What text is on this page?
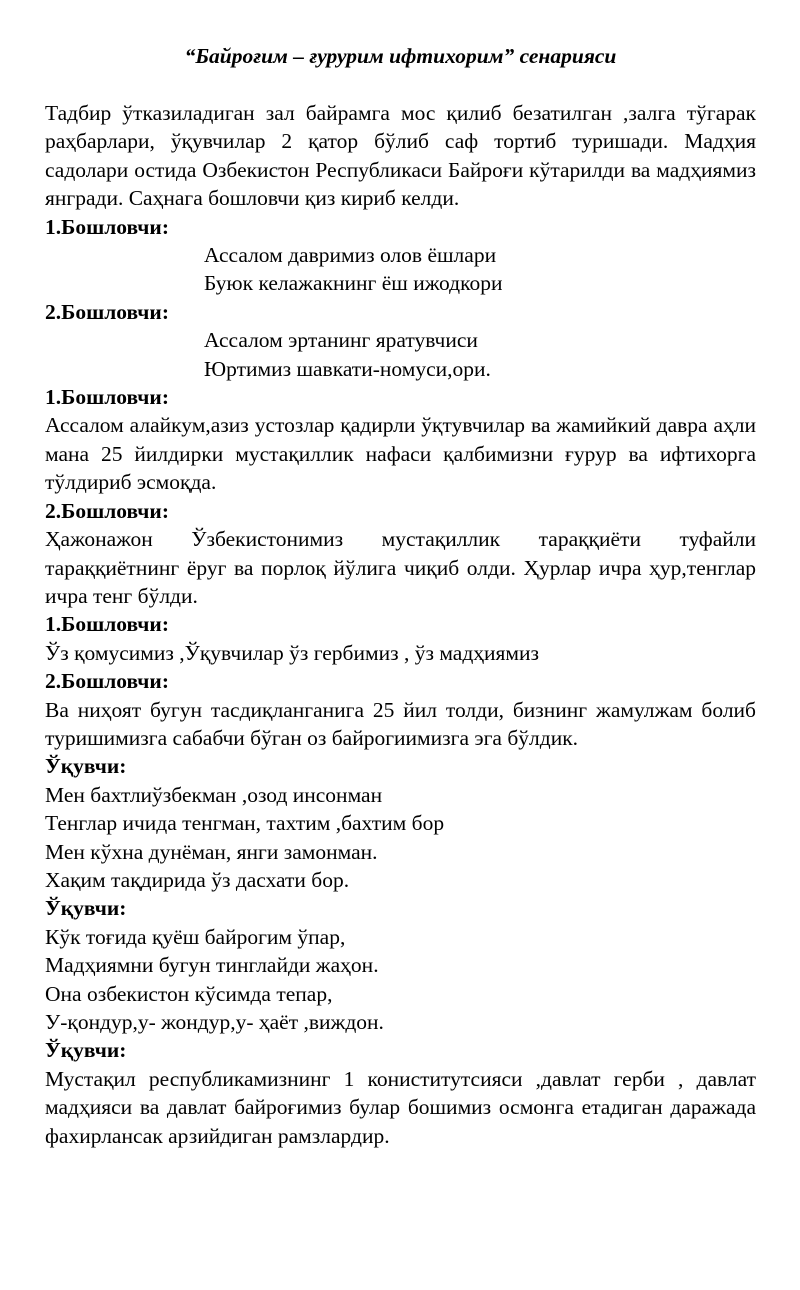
“Байроғим – ғурурим ифтихорим” сенарияси

Тадбир ўтказиладиган зал байрамга мос қилиб безатилган ,залга тўгарак раҳбарлари, ўқувчилар 2 қатор бўлиб саф тортиб туришади. Мадҳия садолари остида Озбекистон Республикаси Байроғи кўтарилди ва мадҳиямиз янгради. Саҳнага бошловчи қиз кириб келди.

1.Бошловчи:

Ассалом давримиз олов ёшлари

Буюк келажакнинг ёш ижодкори

2.Бошловчи:

Ассалом эртанинг яратувчиси

Юртимиз шавкати-номуси,ори.

1.Бошловчи:

Ассалом алайкум,азиз устозлар қадирли ўқтувчилар ва жамийкий давра аҳли мана 25 йилдирки мустақиллик нафаси қалбимизни ғурур ва ифтихорга тўлдириб эсмоқда.

2.Бошловчи:

Ҳажонажон Ўзбекистонимиз мустақиллик тараққиёти туфайли тараққиётнинг ёруг ва порлоқ йўлига чиқиб олди. Ҳурлар ичра ҳур,тенглар ичра тенг бўлди.

1.Бошловчи:

Ўз қомусимиз ,Ўқувчилар ўз гербимиз , ўз мадҳиямиз

2.Бошловчи:

Ва ниҳоят бугун тасдиқланганига 25 йил толди, бизнинг жамулжам болиб туришимизга сабабчи бўган оз байрогиимизга эга бўлдик.

Ўқувчи:

Мен бахтлиўзбекман ,озод инсонман

Тенглар ичида тенгман, тахтим ,бахтим бор

Мен кўхна дунёман, янги замонман.

Хақим тақдирида ўз дасхати бор.

Ўқувчи:

Кўк тоғида қуёш байрогим ўпар,

Мадҳиямни бугун тинглайди жаҳон.

Она озбекистон кўсимда тепар,

У-қондур,у- жондур,у- ҳаёт ,виждон.

Ўқувчи:

Мустақил республикамизнинг 1 кониститутсияси ,давлат герби , давлат мадҳияси ва давлат байроғимиз булар бошимиз осмонга етадиган даражада фахирлансак арзийдиган рамзлардир.
